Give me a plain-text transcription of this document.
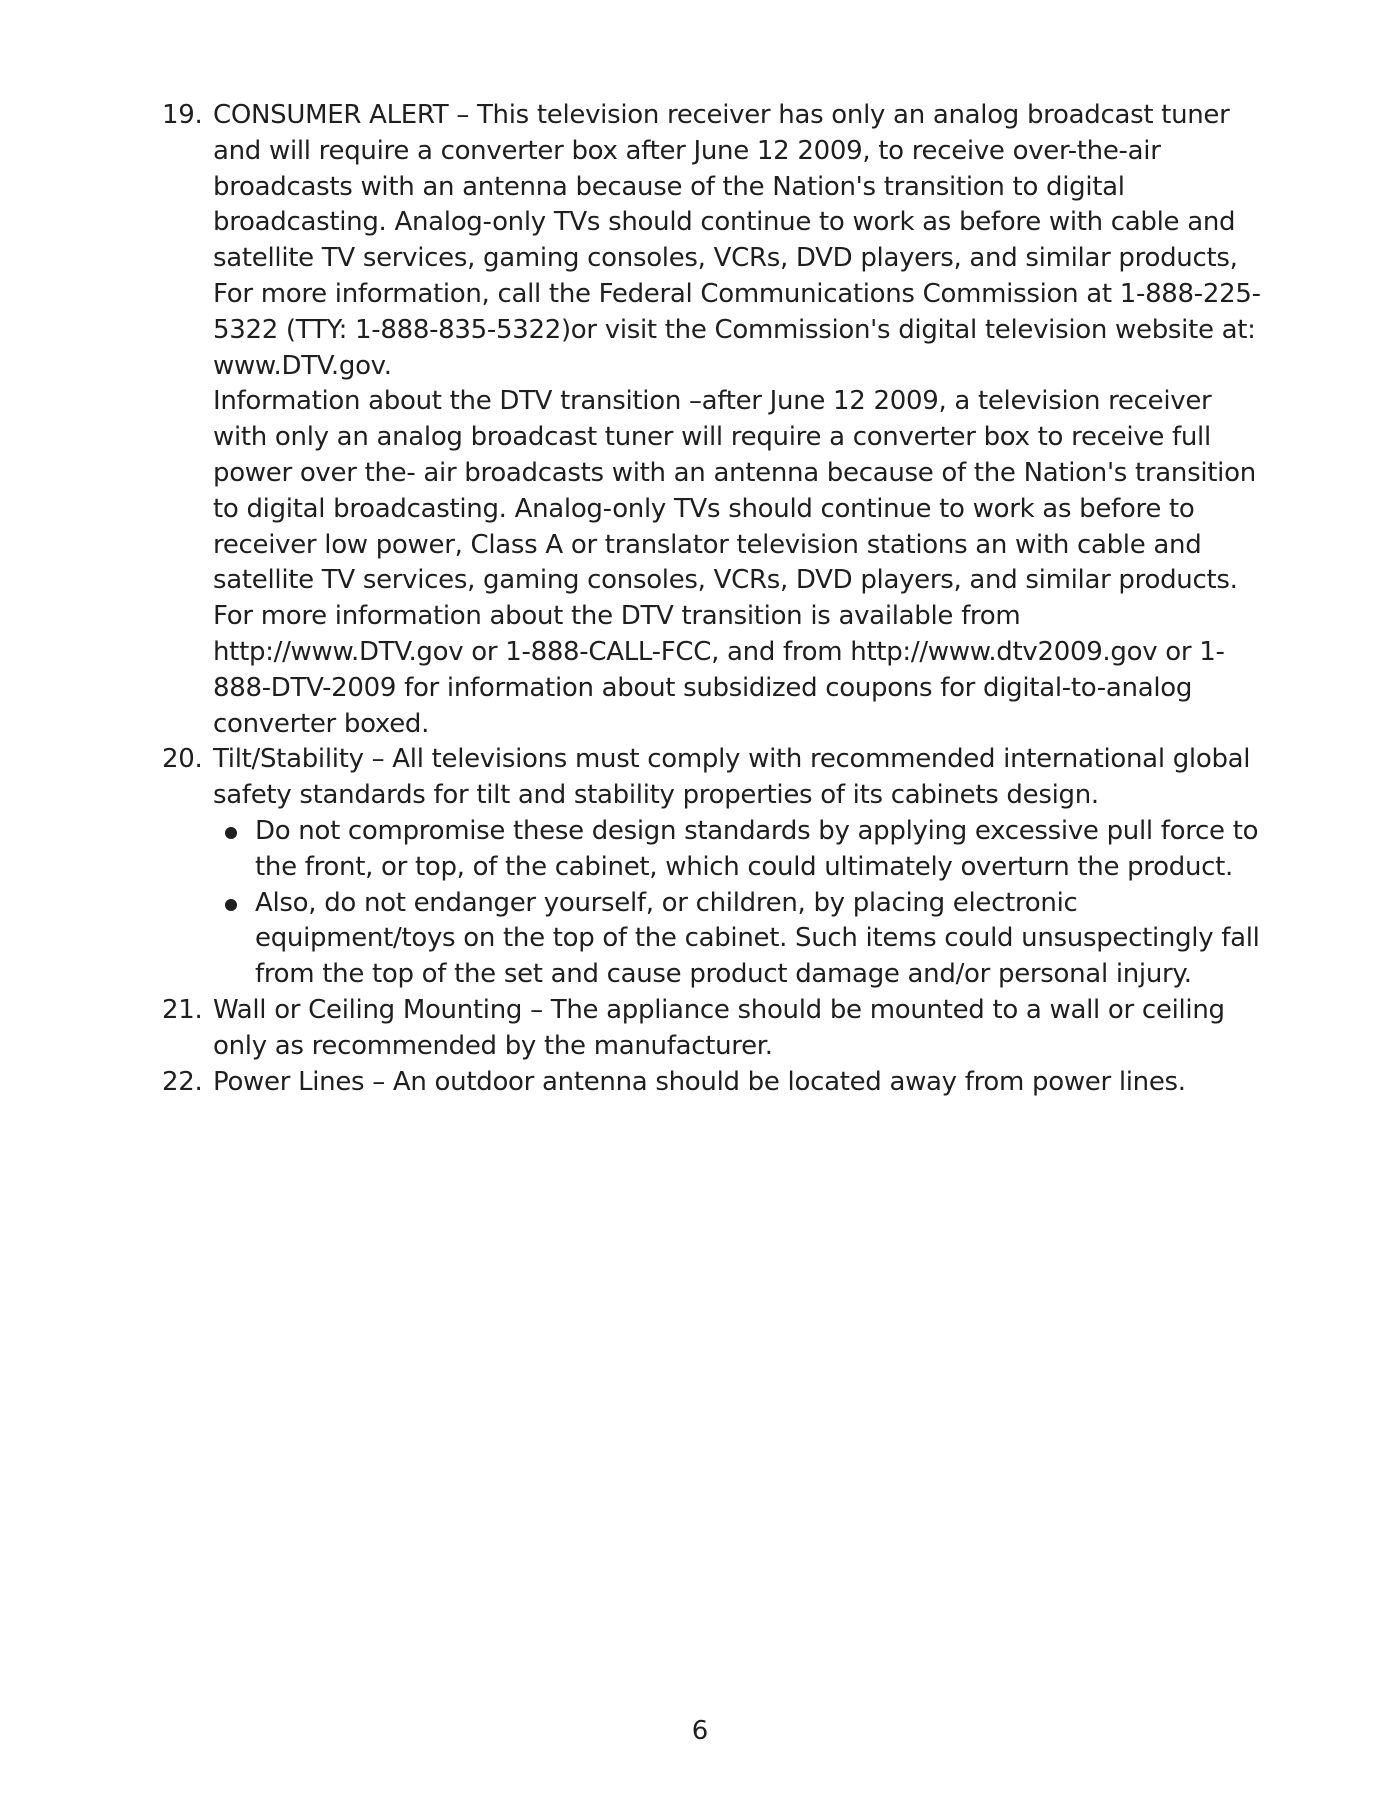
19. CONSUMER ALERT – This television receiver has only an analog broadcast tuner and will require a converter box after June 12 2009, to receive over-the-air broadcasts with an antenna because of the Nation's transition to digital broadcasting. Analog-only TVs should continue to work as before with cable and satellite TV services, gaming consoles, VCRs, DVD players, and similar products, For more information, call the Federal Communications Commission at 1-888-225-5322 (TTY: 1-888-835-5322)or visit the Commission's digital television website at: www.DTV.gov.

Information about the DTV transition –after June 12 2009, a television receiver with only an analog broadcast tuner will require a converter box to receive full power over the- air broadcasts with an antenna because of the Nation's transition to digital broadcasting. Analog-only TVs should continue to work as before to receiver low power, Class A or translator television stations an with cable and satellite TV services, gaming consoles, VCRs, DVD players, and similar products. For more information about the DTV transition is available from http://www.DTV.gov or 1-888-CALL-FCC, and from http://www.dtv2009.gov or 1-888-DTV-2009 for information about subsidized coupons for digital-to-analog converter boxed.

20. Tilt/Stability – All televisions must comply with recommended international global safety standards for tilt and stability properties of its cabinets design.

Do not compromise these design standards by applying excessive pull force to the front, or top, of the cabinet, which could ultimately overturn the product.
Also, do not endanger yourself, or children, by placing electronic equipment/toys on the top of the cabinet. Such items could unsuspectingly fall from the top of the set and cause product damage and/or personal injury.
21. Wall or Ceiling Mounting – The appliance should be mounted to a wall or ceiling only as recommended by the manufacturer.

22. Power Lines – An outdoor antenna should be located away from power lines.

6
